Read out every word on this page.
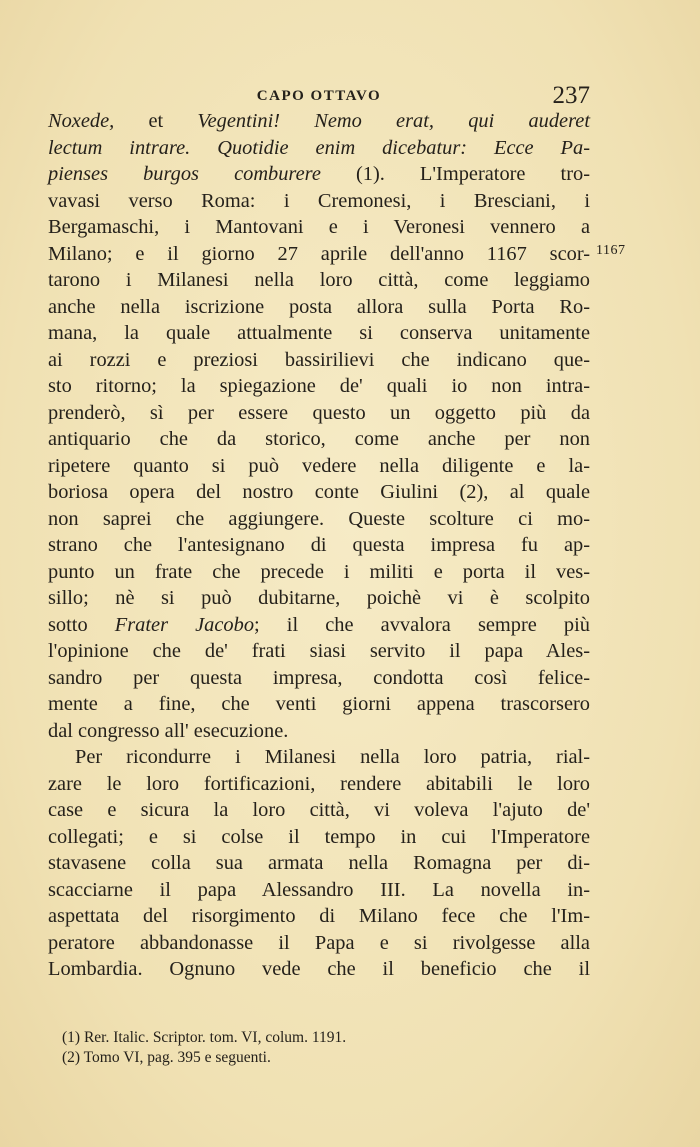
CAPO OTTAVO	237
1167
Noxede, et Vegentini! Nemo erat, qui auderet
lectum intrare. Quotidie enim dicebatur: Ecce Pa-
pienses burgos comburere (1). L'Imperatore tro-
vavasi verso Roma: i Cremonesi, i Bresciani, i
Bergamaschi, i Mantovani e i Veronesi vennero a
Milano; e il giorno 27 aprile dell'anno 1167 scor-
tarono i Milanesi nella loro città, come leggiamo
anche nella iscrizione posta allora sulla Porta Ro-
mana, la quale attualmente si conserva unitamente
ai rozzi e preziosi bassirilievi che indicano que-
sto ritorno; la spiegazione de' quali io non intra-
prenderò, sì per essere questo un oggetto più da
antiquario che da storico, come anche per non
ripetere quanto si può vedere nella diligente e la-
boriosa opera del nostro conte Giulini (2), al quale
non saprei che aggiungere. Queste scolture ci mo-
strano che l'antesignano di questa impresa fu ap-
punto un frate che precede i militi e porta il ves-
sillo; nè si può dubitarne, poichè vi è scolpito
sotto Frater Jacobo; il che avvalora sempre più
l'opinione che de' frati siasi servito il papa Ales-
sandro per questa impresa, condotta così felice-
mente a fine, che venti giorni appena trascorsero
dal congresso all' esecuzione.
Per ricondurre i Milanesi nella loro patria, rial-
zare le loro fortificazioni, rendere abitabili le loro
case e sicura la loro città, vi voleva l'ajuto de'
collegati; e si colse il tempo in cui l'Imperatore
stavasene colla sua armata nella Romagna per di-
scacciarne il papa Alessandro III. La novella in-
aspettata del risorgimento di Milano fece che l'Im-
peratore abbandonasse il Papa e si rivolgesse alla
Lombardia. Ognuno vede che il beneficio che il
(1) Rer. Italic. Scriptor. tom. VI, colum. 1191.
(2) Tomo VI, pag. 395 e seguenti.
